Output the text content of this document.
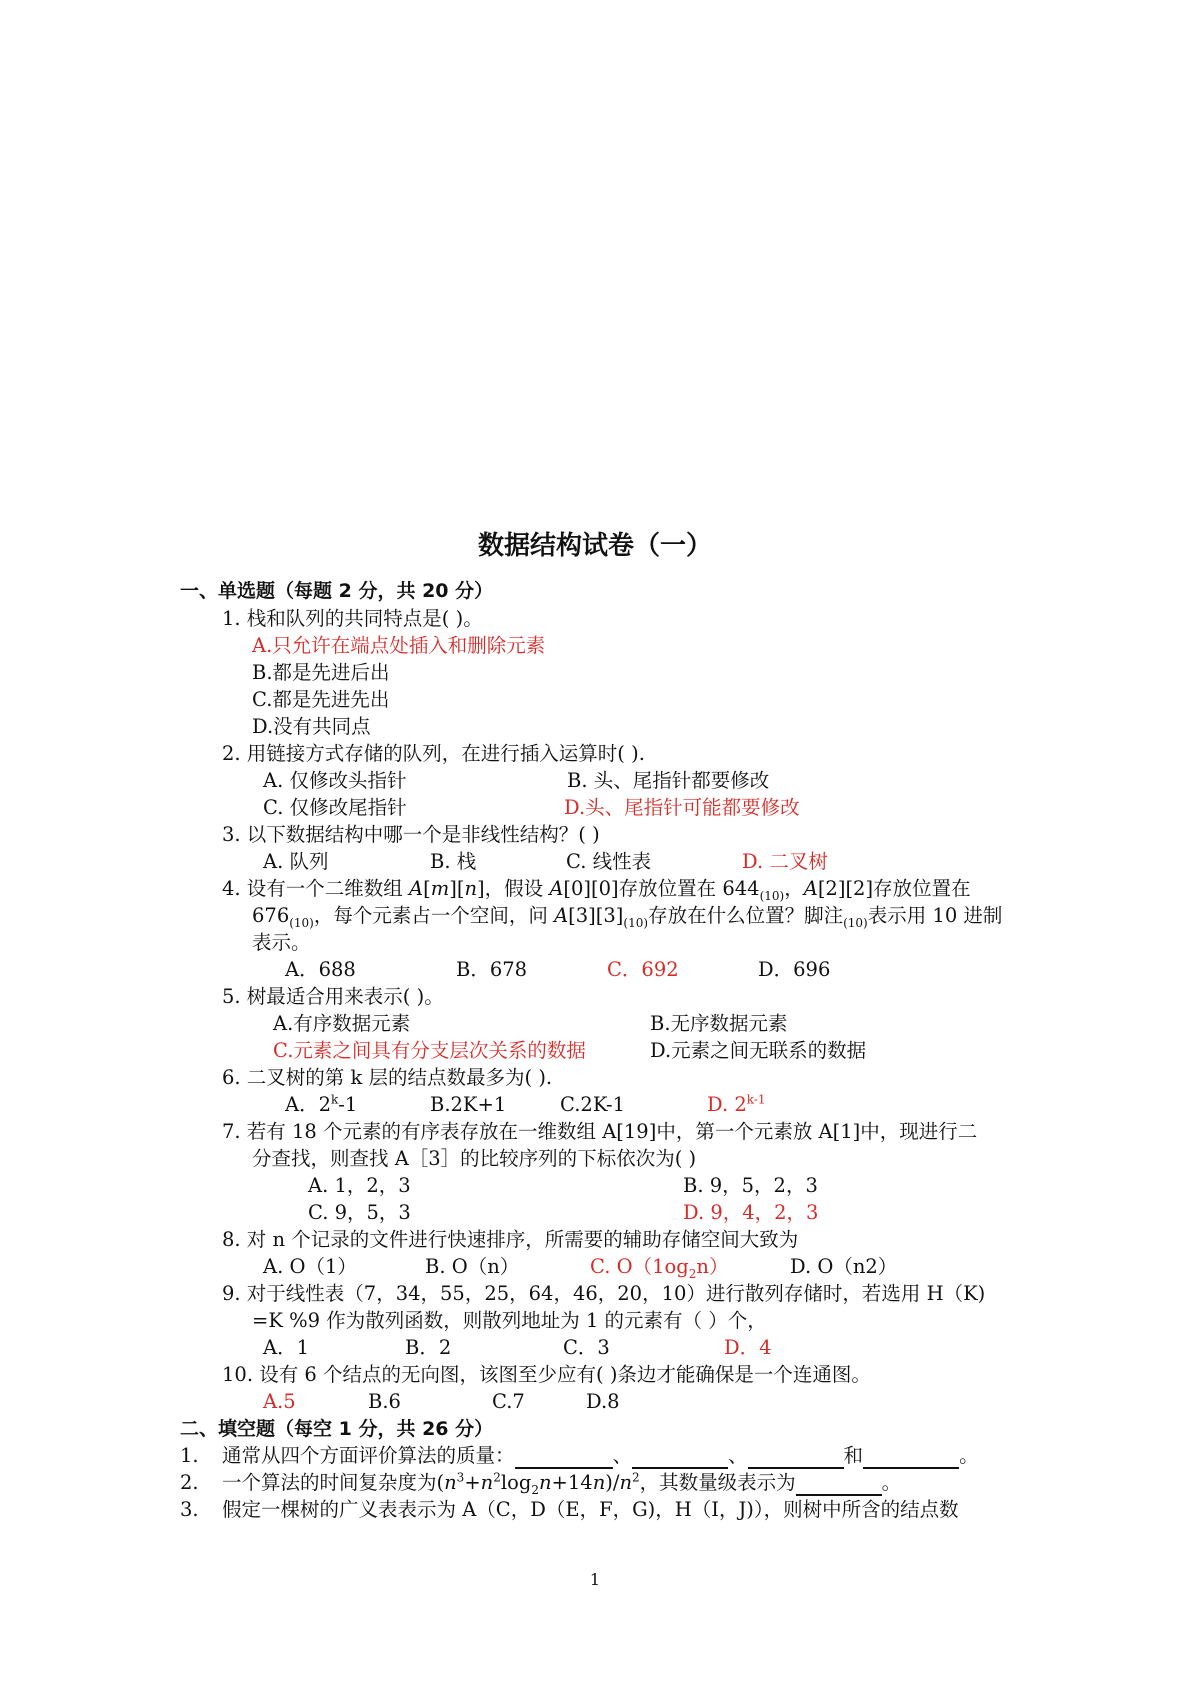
数据结构试卷（一）
一、单选题（每题 2 分，共 20 分）
1. 栈和队列的共同特点是( )。
A.只允许在端点处插入和删除元素
B.都是先进后出
C.都是先进先出
D.没有共同点
2. 用链接方式存储的队列，在进行插入运算时( ).
A. 仅修改头指针	B. 头、尾指针都要修改
C. 仅修改尾指针	D.头、尾指针可能都要修改
3. 以下数据结构中哪一个是非线性结构？( )
A. 队列	B. 栈	C. 线性表	D. 二叉树
4. 设有一个二维数组 A[m][n]，假设 A[0][0]存放位置在 $644_{(10)}$，A[2][2]存放位置在
$676_{(10)}$，每个元素占一个空间，问 $A[3][3]_{(10)}$存放在什么位置？脚注$_{(10)}$表示用 10 进制
表示。
A．688	B．678	C．692	D．696
5. 树最适合用来表示( )。
A.有序数据元素	B.无序数据元素
C.元素之间具有分支层次关系的数据	D.元素之间无联系的数据
6. 二叉树的第 k 层的结点数最多为( ).
A．2$^k$-1	B.2K+1	C.2K-1	D. 2$^{k-1}$
7. 若有 18 个元素的有序表存放在一维数组 A[19]中，第一个元素放 A[1]中，现进行二
分查找，则查找 A［3］的比较序列的下标依次为( )
A. 1，2，3	B. 9，5，2，3
C. 9，5，3	D. 9，4，2，3
8. 对 n 个记录的文件进行快速排序，所需要的辅助存储空间大致为
A. O（1）	B. O（n）	C. $O(1og_2n)$	D. O（n2）
9. 对于线性表（7，34，55，25，64，46，20，10）进行散列存储时，若选用 H（K)
=K %9 作为散列函数，则散列地址为 1 的元素有（ ）个，
A．1	B．2	C．3	D．4
10. 设有 6 个结点的无向图，该图至少应有( )条边才能确保是一个连通图。
A.5	B.6	C.7	D.8
二、填空题（每空 1 分，共 26 分）
1. 通常从四个方面评价算法的质量：	、	、	和	。
2. 一个算法的时间复杂度为$(n^3+n^2\log_2n+14n)/n^2$，其数量级表示为	。
3. 假定一棵树的广义表表示为 A（C，D（E，F，G)，H（I，J)），则树中所含的结点数
1
